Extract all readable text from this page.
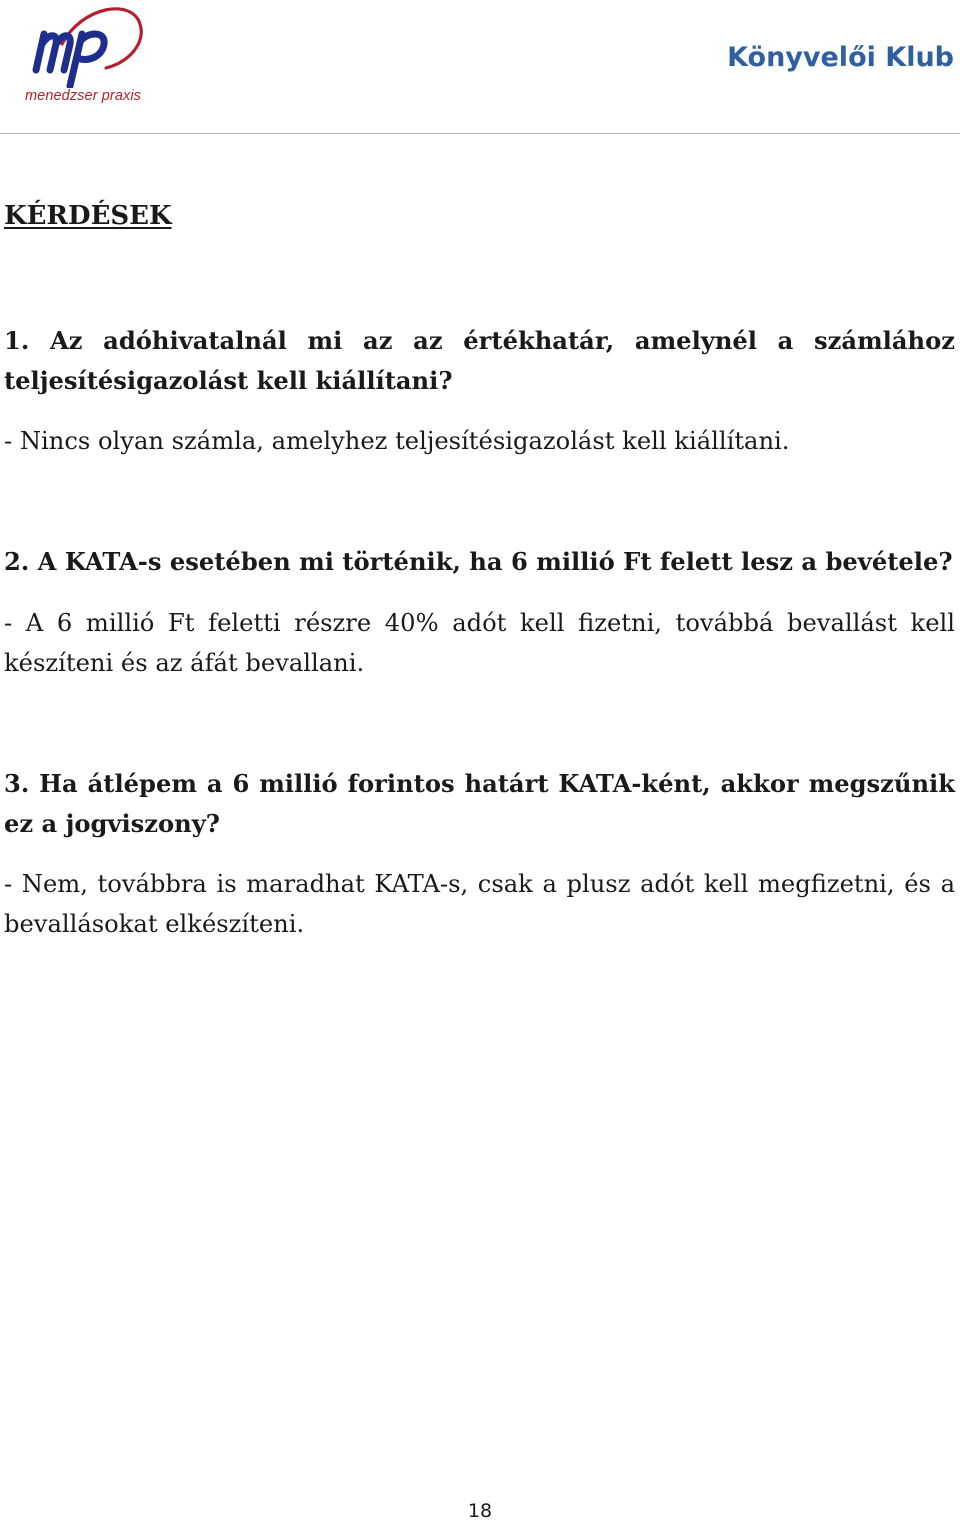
menedzser praxis
Könyvelői Klub
KÉRDÉSEK
1. Az adóhivatalnál mi az az értékhatár, amelynél a számlához teljesítésigazolást kell kiállítani?
- Nincs olyan számla, amelyhez teljesítésigazolást kell kiállítani.
2. A KATA-s esetében mi történik, ha 6 millió Ft felett lesz a bevétele?
- A 6 millió Ft feletti részre 40% adót kell fizetni, továbbá bevallást kell készíteni és az áfát bevallani.
3. Ha átlépem a 6 millió forintos határt KATA-ként, akkor megszűnik ez a jogviszony?
- Nem, továbbra is maradhat KATA-s, csak a plusz adót kell megfizetni, és a bevallásokat elkészíteni.
18
